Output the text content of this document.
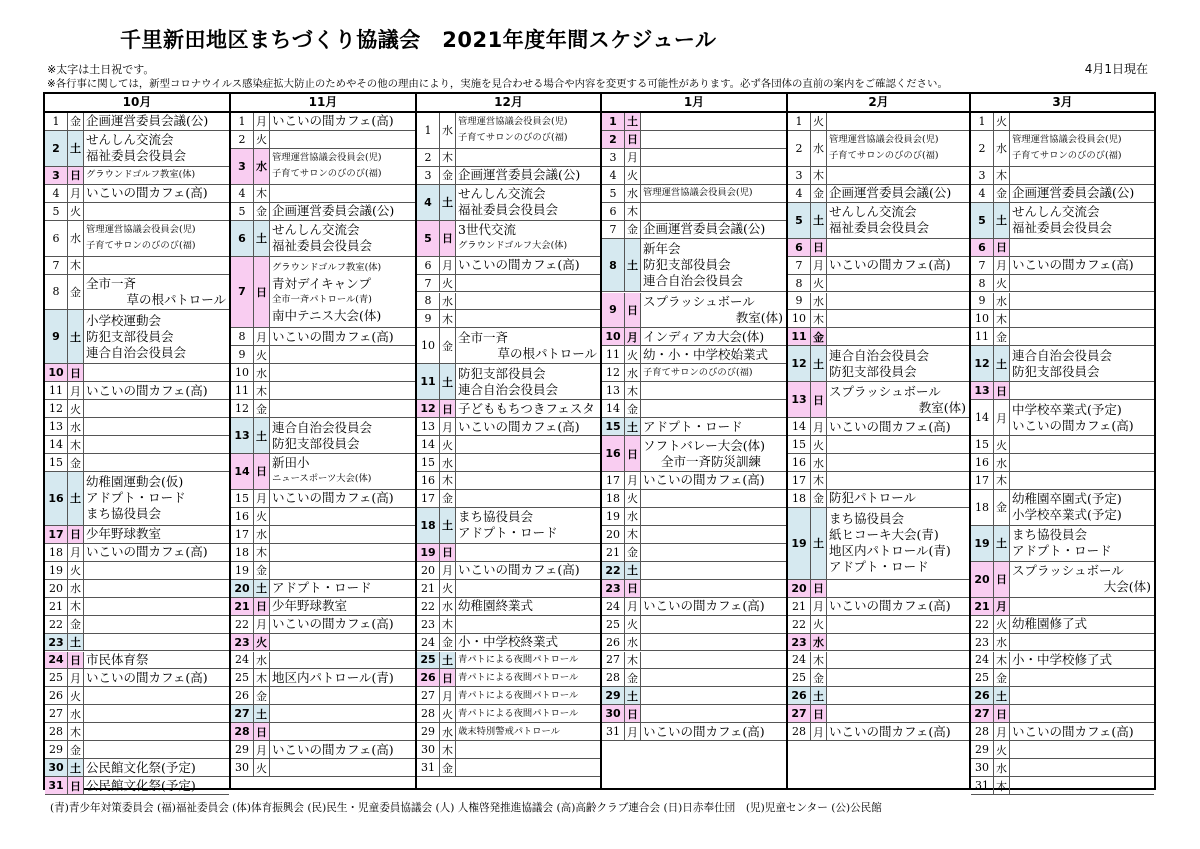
千里新田地区まちづくり協議会　2021年度年間スケジュール
※太字は土日祝です。
※各行事に関しては，新型コロナウイルス感染症拡大防止のためやその他の理由により，実施を見合わせる場合や内容を変更する可能性があります。必ず各団体の直前の案内をご確認ください。
4月1日現在
10月
1 金 企画運営委員会議(公)
2 土
せんしん交流会
福祉委員会役員会
3 日 グラウンドゴルフ教室(体)
4 月 いこいの間カフェ(高)
5 火
6 水
管理運営協議会役員会(児)
子育てサロンのびのび(福)
7 木
8 金
全市一斉
草の根パトロール
9 土
小学校運動会
防犯支部役員会
連合自治会役員会
10 日
11 月 いこいの間カフェ(高)
12 火
13 水
14 木
15 金
16 土
幼稚園運動会(仮)
アドプト・ロード
まち協役員会
17 日 少年野球教室
18 月 いこいの間カフェ(高)
19 火
20 水
21 木
22 金
23 土
24 日 市民体育祭
25 月 いこいの間カフェ(高)
26 火
27 水
28 木
29 金
30 土 公民館文化祭(予定)
31 日 公民館文化祭(予定)
11月
1 月 いこいの間カフェ(高)
2 火
3 水
管理運営協議会役員会(児)
子育てサロンのびのび(福)
4 木
5 金 企画運営委員会議(公)
6 土
せんしん交流会
福祉委員会役員会
7 日
グラウンドゴルフ教室(体)
青対デイキャンプ
全市一斉パトロール(青)
南中テニス大会(体)
8 月 いこいの間カフェ(高)
9 火
10 水
11 木
12 金
13 土
連合自治会役員会
防犯支部役員会
14 日
新田小
ニュースポーツ大会(体)
15 月 いこいの間カフェ(高)
16 火
17 水
18 木
19 金
20 土 アドプト・ロード
21 日 少年野球教室
22 月 いこいの間カフェ(高)
23 火
24 水
25 木 地区内パトロール(青)
26 金
27 土
28 日
29 月 いこいの間カフェ(高)
30 火
12月
1 水
管理運営協議会役員会(児)
子育てサロンのびのび(福)
2 木
3 金 企画運営委員会議(公)
4 土
せんしん交流会
福祉委員会役員会
5 日
3世代交流
グラウンドゴルフ大会(体)
6 月 いこいの間カフェ(高)
7 火
8 水
9 木
10 金
全市一斉
草の根パトロール
11 土
防犯支部役員会
連合自治会役員会
12 日 子どももちつきフェスタ
13 月 いこいの間カフェ(高)
14 火
15 水
16 木
17 金
18 土
まち協役員会
アドプト・ロード
19 日
20 月 いこいの間カフェ(高)
21 火
22 水 幼稚園終業式
23 木
24 金 小・中学校終業式
25 土 青パトによる夜間パトロール
26 日 青パトによる夜間パトロール
27 月 青パトによる夜間パトロール
28 火 青パトによる夜間パトロール
29 水 歳末特別警戒パトロール
30 木
31 金
1月
1 土
2 日
3 月
4 火
5 水 管理運営協議会役員会(児)
6 木
7 金 企画運営委員会議(公)
8 土
新年会
防犯支部役員会
連合自治会役員会
9 日
スプラッシュボール
教室(体)
10 月 インディアカ大会(体)
11 火 幼・小・中学校始業式
12 水 子育てサロンのびのび(福)
13 木
14 金
15 土 アドプト・ロード
16 日
ソフトバレー大会(体)
全市一斉防災訓練
17 月 いこいの間カフェ(高)
18 火
19 水
20 木
21 金
22 土
23 日
24 月 いこいの間カフェ(高)
25 火
26 水
27 木
28 金
29 土
30 日
31 月 いこいの間カフェ(高)
2月
1 火
2 水
管理運営協議会役員会(児)
子育てサロンのびのび(福)
3 木
4 金 企画運営委員会議(公)
5 土
せんしん交流会
福祉委員会役員会
6 日
7 月 いこいの間カフェ(高)
8 火
9 水
10 木
11 金
12 土
連合自治会役員会
防犯支部役員会
13 日
スプラッシュボール
教室(体)
14 月 いこいの間カフェ(高)
15 火
16 水
17 木
18 金 防犯パトロール
19 土
まち協役員会
紙ヒコーキ大会(青)
地区内パトロール(青)
アドプト・ロード
20 日
21 月 いこいの間カフェ(高)
22 火
23 水
24 木
25 金
26 土
27 日
28 月 いこいの間カフェ(高)
3月
1 火
2 水
管理運営協議会役員会(児)
子育てサロンのびのび(福)
3 木
4 金 企画運営委員会議(公)
5 土
せんしん交流会
福祉委員会役員会
6 日
7 月 いこいの間カフェ(高)
8 火
9 水
10 木
11 金
12 土
連合自治会役員会
防犯支部役員会
13 日
14 月
中学校卒業式(予定)
いこいの間カフェ(高)
15 火
16 水
17 木
18 金
幼稚園卒園式(予定)
小学校卒業式(予定)
19 土
まち協役員会
アドプト・ロード
20 日
スプラッシュボール
大会(体)
21 月
22 火 幼稚園修了式
23 水
24 木 小・中学校修了式
25 金
26 土
27 日
28 月 いこいの間カフェ(高)
29 火
30 水
31 木
(青)青少年対策委員会 (福)福祉委員会 (体)体育振興会 (民)民生・児童委員協議会 (人) 人権啓発推進協議会 (高)高齢クラブ連合会 (日)日赤奉仕団　(児)児童センター (公)公民館
